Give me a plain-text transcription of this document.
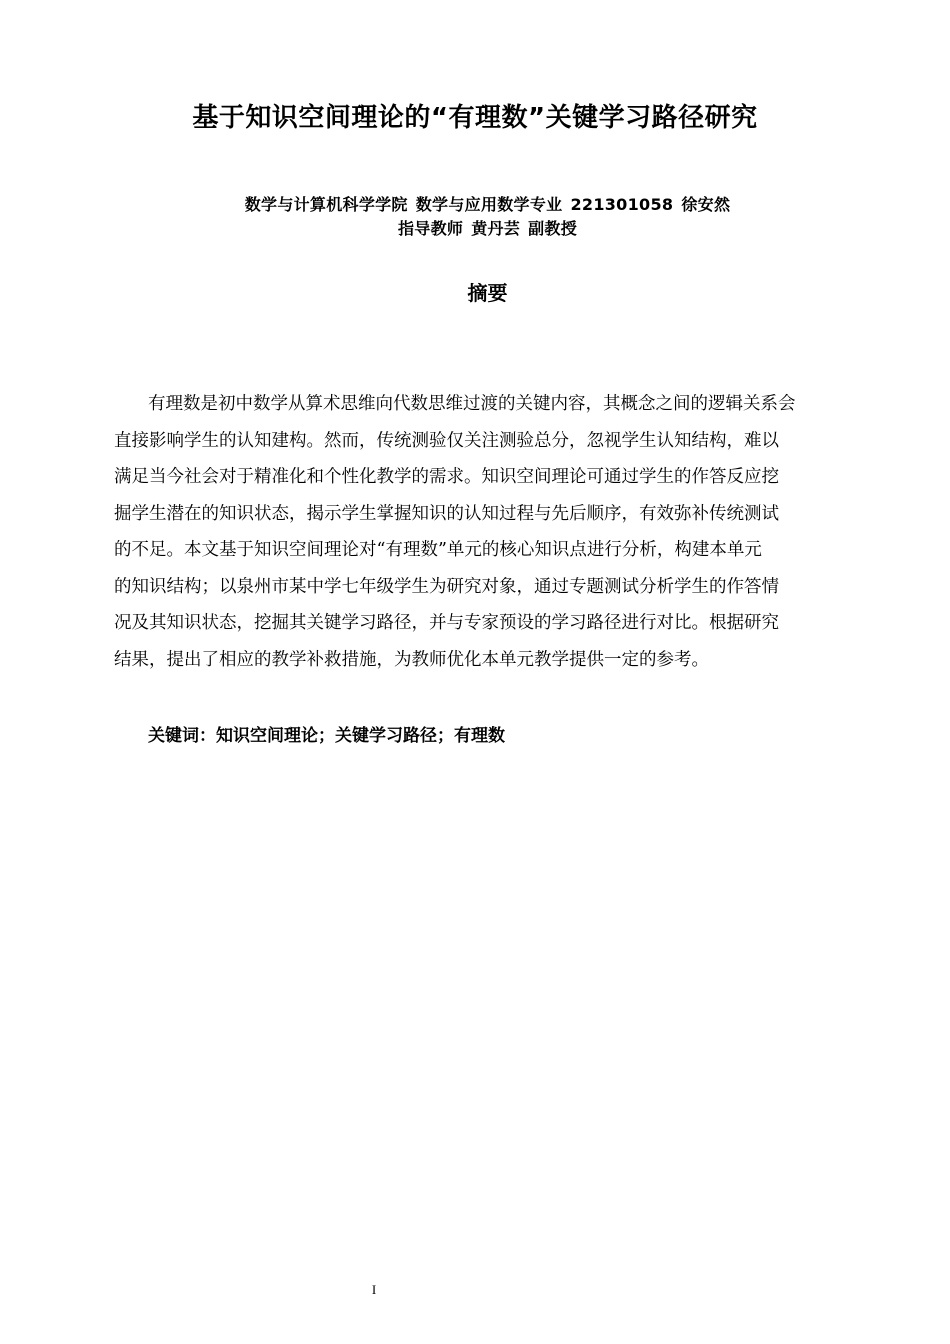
基于知识空间理论的“有理数”关键学习路径研究
数学与计算机科学学院 数学与应用数学专业 221301058 徐安然
指导教师 黄丹芸 副教授
摘要
有理数是初中数学从算术思维向代数思维过渡的关键内容，其概念之间的逻辑关系会
直接影响学生的认知建构。然而，传统测验仅关注测验总分，忽视学生认知结构，难以
满足当今社会对于精准化和个性化教学的需求。知识空间理论可通过学生的作答反应挖
掘学生潜在的知识状态，揭示学生掌握知识的认知过程与先后顺序，有效弥补传统测试
的不足。本文基于知识空间理论对“有理数”单元的核心知识点进行分析，构建本单元
的知识结构；以泉州市某中学七年级学生为研究对象，通过专题测试分析学生的作答情
况及其知识状态，挖掘其关键学习路径，并与专家预设的学习路径进行对比。根据研究
结果，提出了相应的教学补救措施，为教师优化本单元教学提供一定的参考。
关键词：知识空间理论；关键学习路径；有理数
I
